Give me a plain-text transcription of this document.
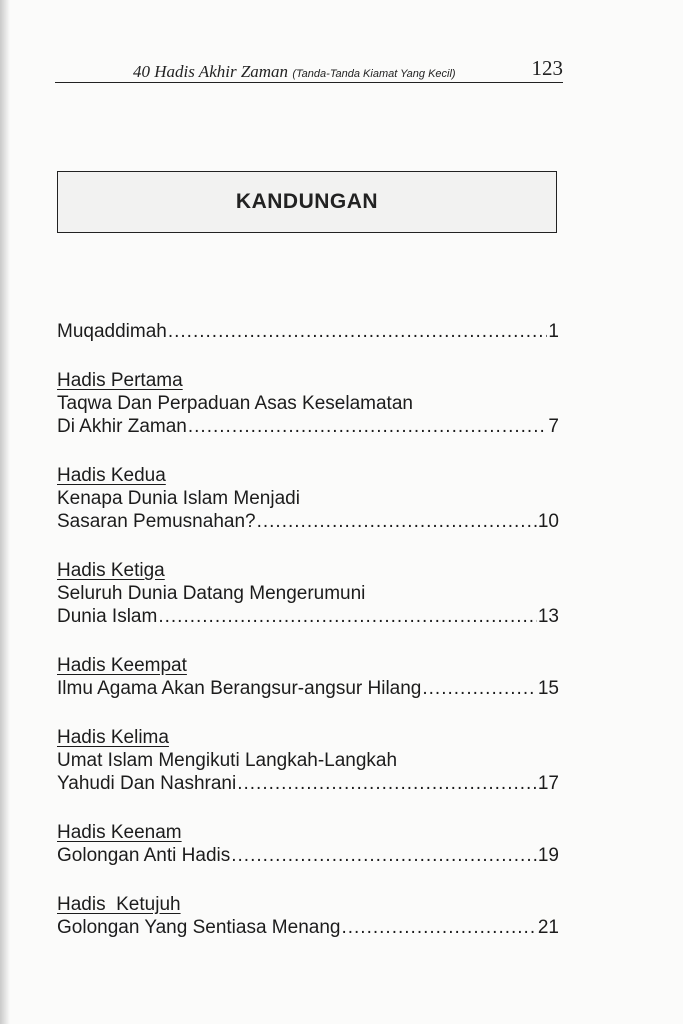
40 Hadis Akhir Zaman (Tanda-Tanda Kiamat Yang Kecil)	123
KANDUNGAN
Muqaddimah .....	1
Hadis Pertama
Taqwa Dan Perpaduan Asas Keselamatan
Di Akhir Zaman .....	7
Hadis Kedua
Kenapa Dunia Islam Menjadi
Sasaran Pemusnahan? .....	10
Hadis Ketiga
Seluruh Dunia Datang Mengerumuni
Dunia Islam .....	13
Hadis Keempat
Ilmu Agama Akan Berangsur-angsur Hilang .....	15
Hadis Kelima
Umat Islam Mengikuti Langkah-Langkah
Yahudi Dan Nashrani .....	17
Hadis Keenam
Golongan Anti Hadis .....	19
Hadis  Ketujuh
Golongan Yang Sentiasa Menang .....	21
